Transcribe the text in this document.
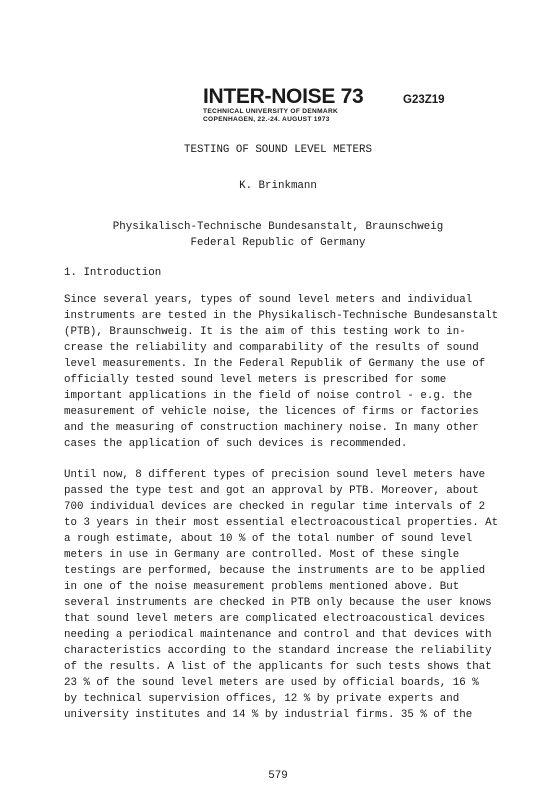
INTER-NOISE 73
TECHNICAL UNIVERSITY OF DENMARK
COPENHAGEN, 22.-24. AUGUST 1973
G23Z19
TESTING OF SOUND LEVEL METERS
K. Brinkmann
Physikalisch-Technische Bundesanstalt, Braunschweig
Federal Republic of Germany
1. Introduction
Since several years, types of sound level meters and individual
instruments are tested in the Physikalisch-Technische Bundesanstalt
(PTB), Braunschweig. It is the aim of this testing work to in-
crease the reliability and comparability of the results of sound
level measurements. In the Federal Republik of Germany the use of
officially tested sound level meters is prescribed for some
important applications in the field of noise control - e.g. the
measurement of vehicle noise, the licences of firms or factories
and the measuring of construction machinery noise. In many other
cases the application of such devices is recommended.
Until now, 8 different types of precision sound level meters have
passed the type test and got an approval by PTB. Moreover, about
700 individual devices are checked in regular time intervals of 2
to 3 years in their most essential electroacoustical properties. At
a rough estimate, about 10 % of the total number of sound level
meters in use in Germany are controlled. Most of these single
testings are performed, because the instruments are to be applied
in one of the noise measurement problems mentioned above. But
several instruments are checked in PTB only because the user knows
that sound level meters are complicated electroacoustical devices
needing a periodical maintenance and control and that devices with
characteristics according to the standard increase the reliability
of the results. A list of the applicants for such tests shows that
23 % of the sound level meters are used by official boards, 16 %
by technical supervision offices, 12 % by private experts and
university institutes and 14 % by industrial firms. 35 % of the
579
